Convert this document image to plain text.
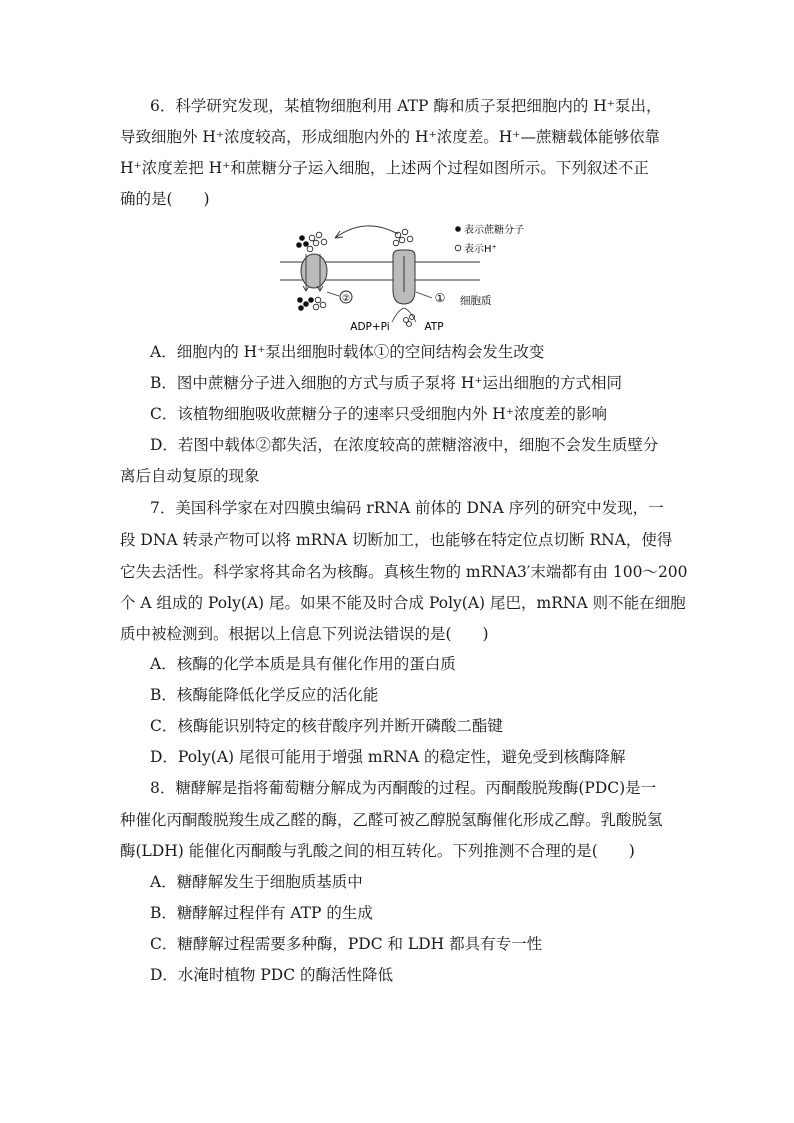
6．科学研究发现，某植物细胞利用 ATP 酶和质子泵把细胞内的 H⁺泵出，
导致细胞外 H⁺浓度较高，形成细胞内外的 H⁺浓度差。H⁺—蔗糖载体能够依靠
H⁺浓度差把 H⁺和蔗糖分子运入细胞，上述两个过程如图所示。下列叙述不正
确的是(　　)
②	①
ADP+Pi	ATP
细胞质
表示蔗糖分子
表示H⁺
A．细胞内的 H⁺泵出细胞时载体①的空间结构会发生改变
B．图中蔗糖分子进入细胞的方式与质子泵将 H⁺运出细胞的方式相同
C．该植物细胞吸收蔗糖分子的速率只受细胞内外 H⁺浓度差的影响
D．若图中载体②都失活，在浓度较高的蔗糖溶液中，细胞不会发生质壁分
离后自动复原的现象
7．美国科学家在对四膜虫编码 rRNA 前体的 DNA 序列的研究中发现，一
段 DNA 转录产物可以将 mRNA 切断加工，也能够在特定位点切断 RNA，使得
它失去活性。科学家将其命名为核酶。真核生物的 mRNA3′末端都有由 100～200
个 A 组成的 Poly(A) 尾。如果不能及时合成 Poly(A) 尾巴，mRNA 则不能在细胞
质中被检测到。根据以上信息下列说法错误的是(　　)
A．核酶的化学本质是具有催化作用的蛋白质
B．核酶能降低化学反应的活化能
C．核酶能识别特定的核苷酸序列并断开磷酸二酯键
D．Poly(A) 尾很可能用于增强 mRNA 的稳定性，避免受到核酶降解
8．糖酵解是指将葡萄糖分解成为丙酮酸的过程。丙酮酸脱羧酶(PDC)是一
种催化丙酮酸脱羧生成乙醛的酶，乙醛可被乙醇脱氢酶催化形成乙醇。乳酸脱氢
酶(LDH) 能催化丙酮酸与乳酸之间的相互转化。下列推测不合理的是(　　)
A．糖酵解发生于细胞质基质中
B．糖酵解过程伴有 ATP 的生成
C．糖酵解过程需要多种酶，PDC 和 LDH 都具有专一性
D．水淹时植物 PDC 的酶活性降低
